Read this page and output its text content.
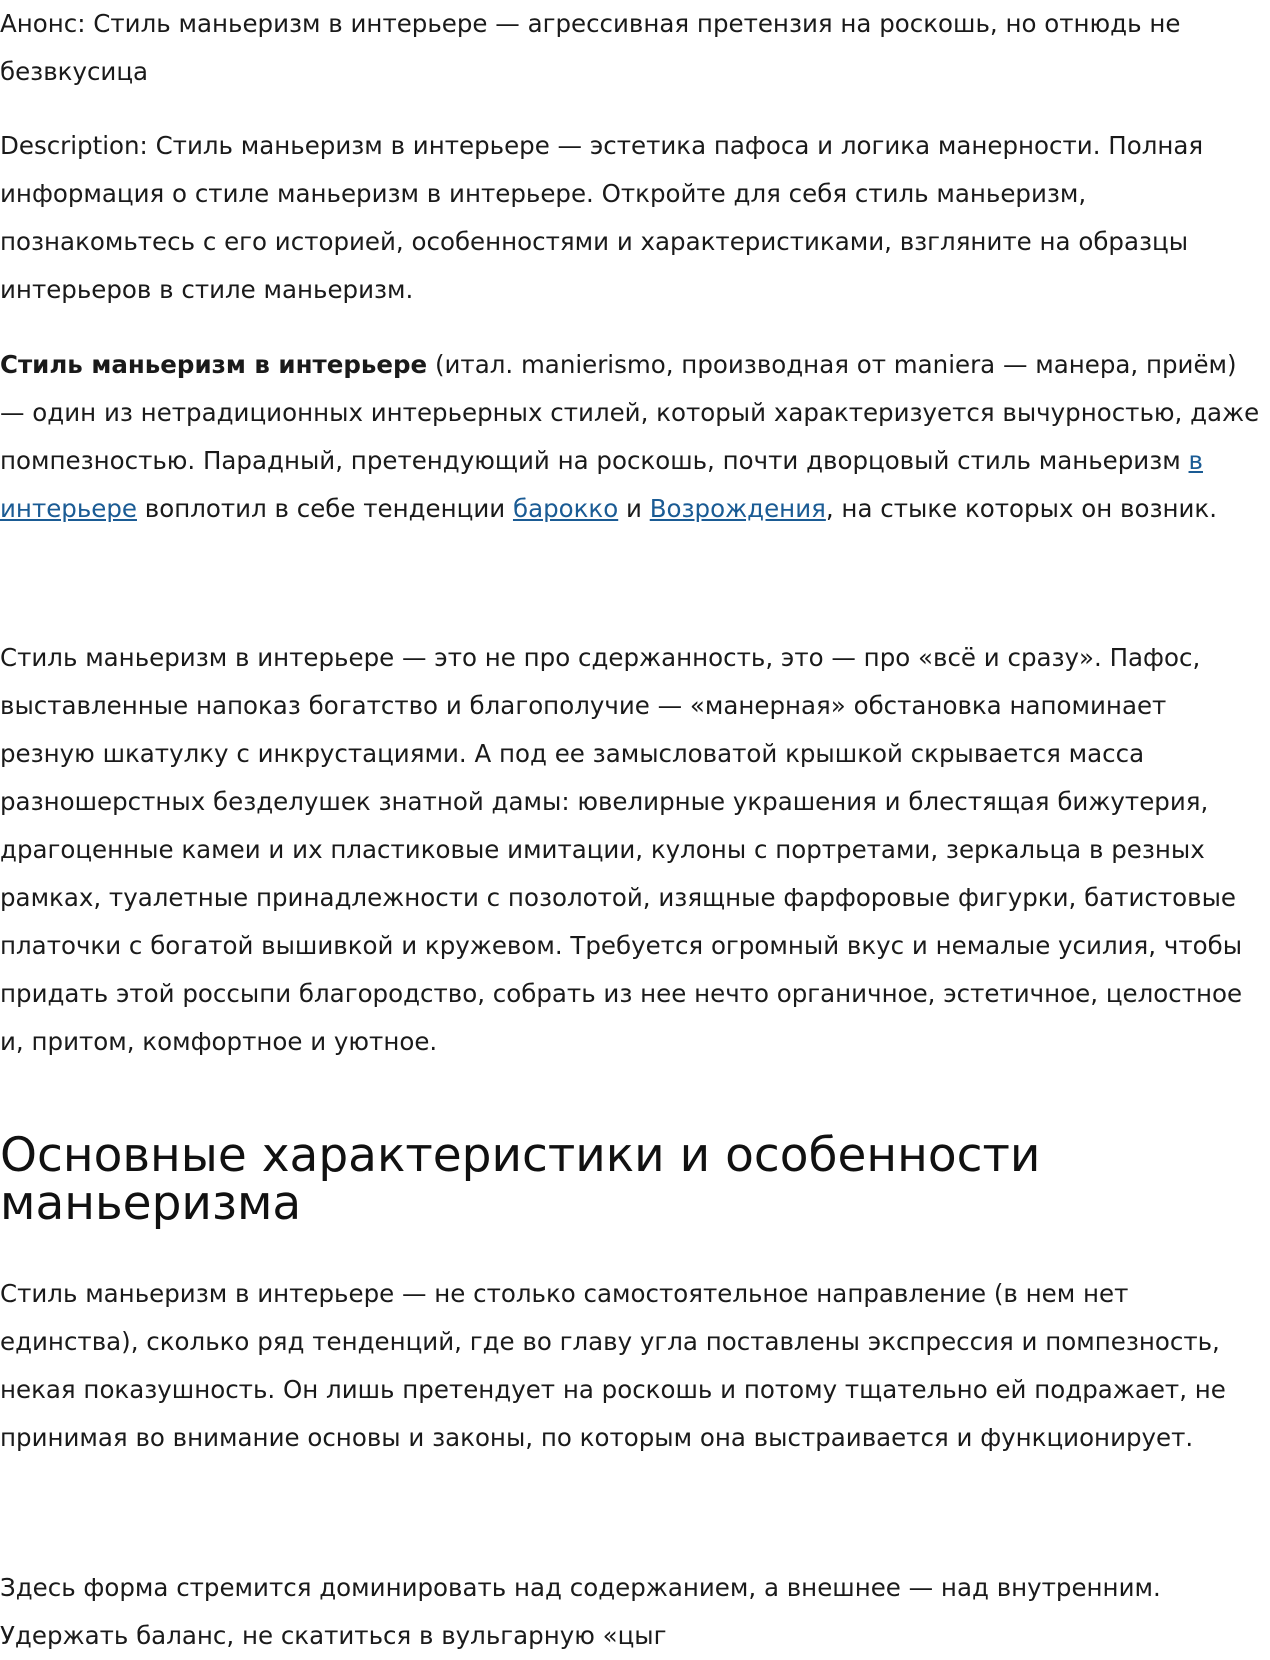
Анонс: Стиль маньеризм в интерьере — агрессивная претензия на роскошь, но отнюдь не безвкусица

Description: Стиль маньеризм в интерьере — эстетика пафоса и логика манерности. Полная информация о стиле маньеризм в интерьере. Откройте для себя стиль маньеризм, познакомьтесь с его историей, особенностями и характеристиками, взгляните на образцы интерьеров в стиле маньеризм.

Стиль маньеризм в интерьере (итал. manierismo, производная от maniera — манера, приём) — один из нетрадиционных интерьерных стилей, который характеризуется вычурностью, даже помпезностью. Парадный, претендующий на роскошь, почти дворцовый стиль маньеризм в интерьере воплотил в себе тенденции барокко и Возрождения, на стыке которых он возник.

Стиль маньеризм в интерьере — это не про сдержанность, это — про «всё и сразу». Пафос, выставленные напоказ богатство и благополучие — «манерная» обстановка напоминает резную шкатулку с инкрустациями. А под ее замысловатой крышкой скрывается масса разношерстных безделушек знатной дамы: ювелирные украшения и блестящая бижутерия, драгоценные камеи и их пластиковые имитации, кулоны с портретами, зеркальца в резных рамках, туалетные принадлежности с позолотой, изящные фарфоровые фигурки, батистовые платочки с богатой вышивкой и кружевом. Требуется огромный вкус и немалые усилия, чтобы придать этой россыпи благородство, собрать из нее нечто органичное, эстетичное, целостное и, притом, комфортное и уютное.

Основные характеристики и особенности маньеризма

Стиль маньеризм в интерьере — не столько самостоятельное направление (в нем нет единства), сколько ряд тенденций, где во главу угла поставлены экспрессия и помпезность, некая показушность. Он лишь претендует на роскошь и потому тщательно ей подражает, не принимая во внимание основы и законы, по которым она выстраивается и функционирует.

Здесь форма стремится доминировать над содержанием, а внешнее — над внутренним. Удержать баланс, не скатиться в вульгарную «цыг
